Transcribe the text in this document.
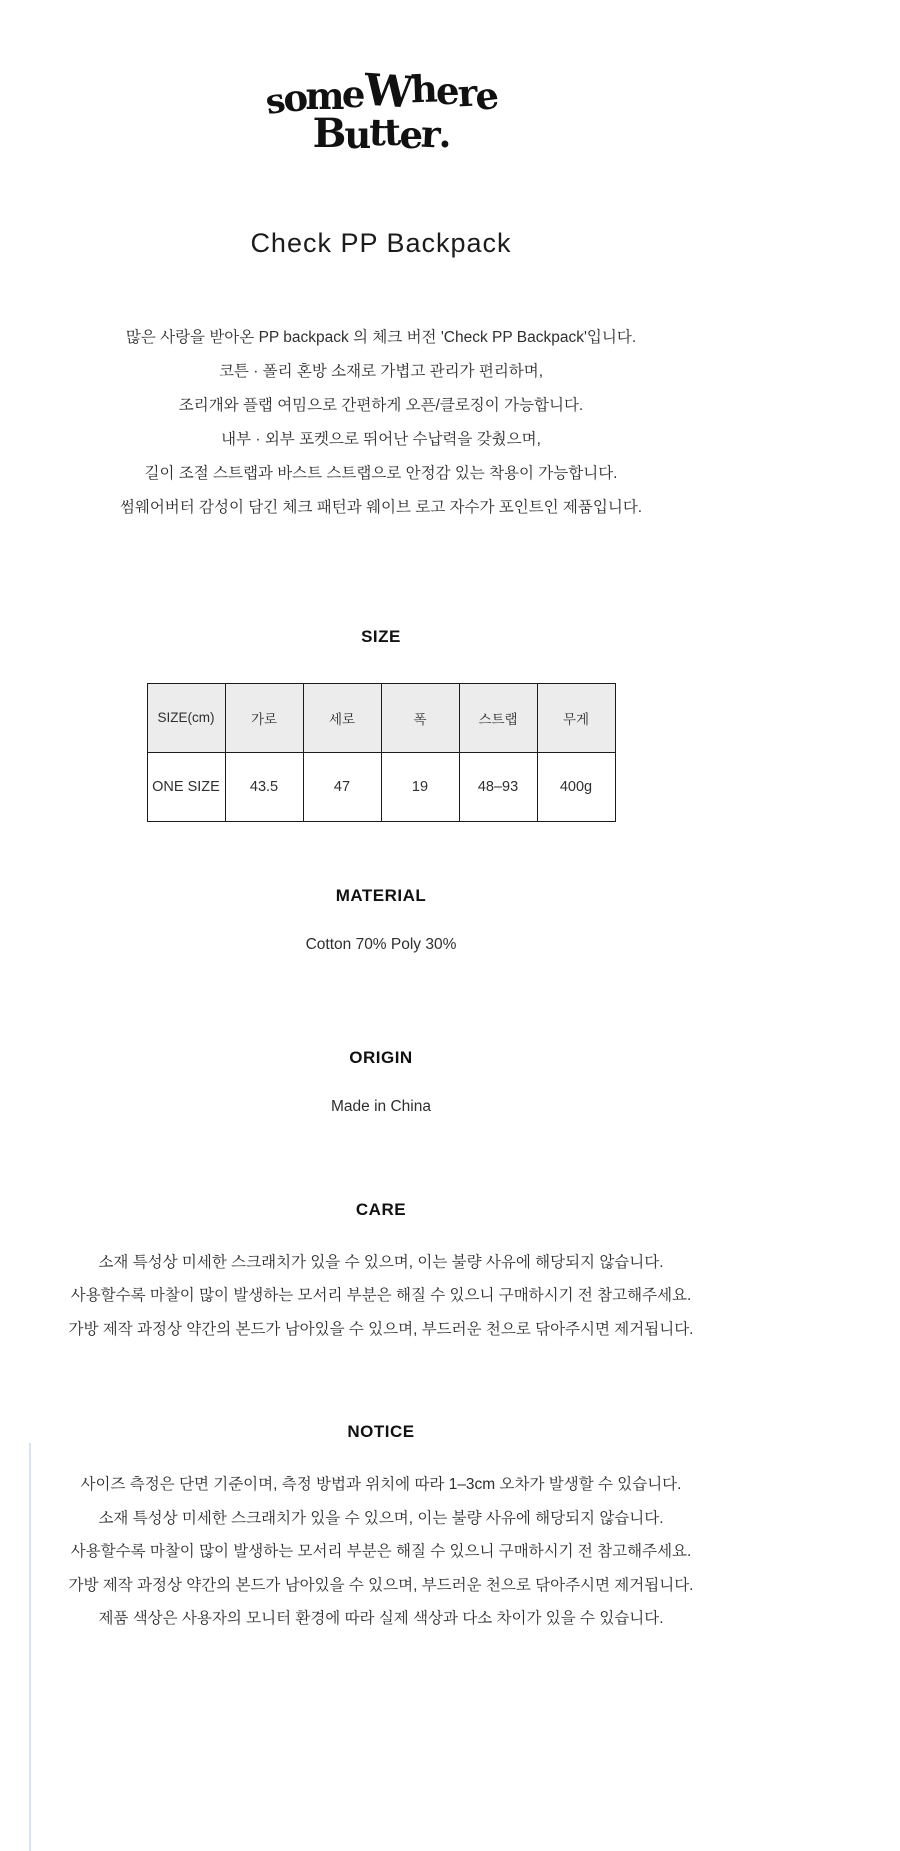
someWhere
Butter.
Check PP Backpack
많은 사랑을 받아온 PP backpack 의 체크 버전 'Check PP Backpack'입니다.
코튼 · 폴리 혼방 소재로 가볍고 관리가 편리하며,
조리개와 플랩 여밈으로 간편하게 오픈/클로징이 가능합니다.
내부 · 외부 포켓으로 뛰어난 수납력을 갖췄으며,
길이 조절 스트랩과 바스트 스트랩으로 안정감 있는 착용이 가능합니다.
썸웨어버터 감성이 담긴 체크 패턴과 웨이브 로고 자수가 포인트인 제품입니다.
SIZE
SIZE(cm)	가로	세로	폭	스트랩	무게
ONE SIZE	43.5	47	19	48–93	400g
MATERIAL
Cotton 70% Poly 30%
ORIGIN
Made in China
CARE
소재 특성상 미세한 스크래치가 있을 수 있으며, 이는 불량 사유에 해당되지 않습니다.
사용할수록 마찰이 많이 발생하는 모서리 부분은 해질 수 있으니 구매하시기 전 참고해주세요.
가방 제작 과정상 약간의 본드가 남아있을 수 있으며, 부드러운 천으로 닦아주시면 제거됩니다.
NOTICE
사이즈 측정은 단면 기준이며, 측정 방법과 위치에 따라 1–3cm 오차가 발생할 수 있습니다.
소재 특성상 미세한 스크래치가 있을 수 있으며, 이는 불량 사유에 해당되지 않습니다.
사용할수록 마찰이 많이 발생하는 모서리 부분은 해질 수 있으니 구매하시기 전 참고해주세요.
가방 제작 과정상 약간의 본드가 남아있을 수 있으며, 부드러운 천으로 닦아주시면 제거됩니다.
제품 색상은 사용자의 모니터 환경에 따라 실제 색상과 다소 차이가 있을 수 있습니다.
